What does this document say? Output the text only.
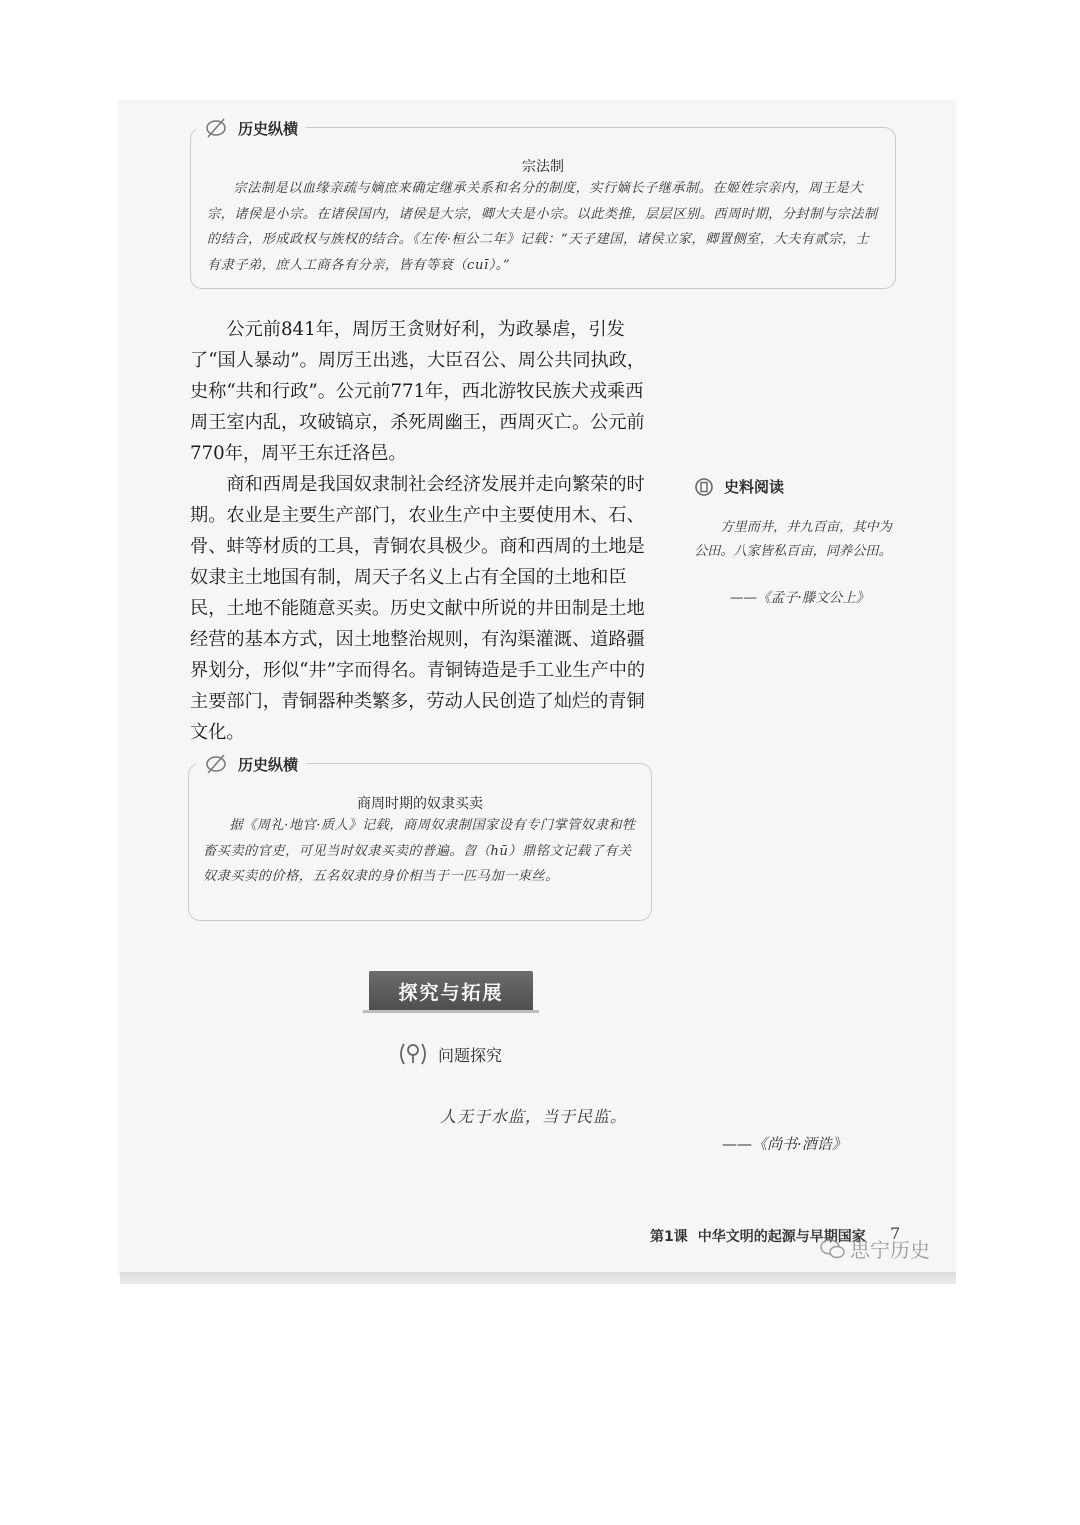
宗法制
宗法制是以血缘亲疏与嫡庶来确定继承关系和名分的制度，实行嫡长子继承制。在姬姓宗亲内，周王是大宗，诸侯是小宗。在诸侯国内，诸侯是大宗，卿大夫是小宗。以此类推，层层区别。西周时期，分封制与宗法制的结合，形成政权与族权的结合。《左传·桓公二年》记载：“天子建国，诸侯立家，卿置侧室，大夫有贰宗，士有隶子弟，庶人工商各有分亲，皆有等衰（cuī）。”
历史纵横

公元前841年，周厉王贪财好利，为政暴虐，引发了“国人暴动”。周厉王出逃，大臣召公、周公共同执政，史称“共和行政”。公元前771年，西北游牧民族犬戎乘西周王室内乱，攻破镐京，杀死周幽王，西周灭亡。公元前770年，周平王东迁洛邑。

商和西周是我国奴隶制社会经济发展并走向繁荣的时期。农业是主要生产部门，农业生产中主要使用木、石、骨、蚌等材质的工具，青铜农具极少。商和西周的土地是奴隶主土地国有制，周天子名义上占有全国的土地和臣民，土地不能随意买卖。历史文献中所说的井田制是土地经营的基本方式，因土地整治规则，有沟渠灌溉、道路疆界划分，形似“井”字而得名。青铜铸造是手工业生产中的主要部门，青铜器种类繁多，劳动人民创造了灿烂的青铜文化。

史料阅读
方里而井，井九百亩，其中为公田。八家皆私百亩，同养公田。
——《孟子·滕文公上》
商周时期的奴隶买卖
据《周礼·地官·质人》记载，商周奴隶制国家设有专门掌管奴隶和牲畜买卖的官吏，可见当时奴隶买卖的普遍。曶（hū）鼎铭文记载了有关奴隶买卖的价格，五名奴隶的身价相当于一匹马加一束丝。
历史纵横
探究与拓展
问题探究
人无于水监，当于民监。
——《尚书·酒诰》
第1课 中华文明的起源与早期国家 7
思宁历史
